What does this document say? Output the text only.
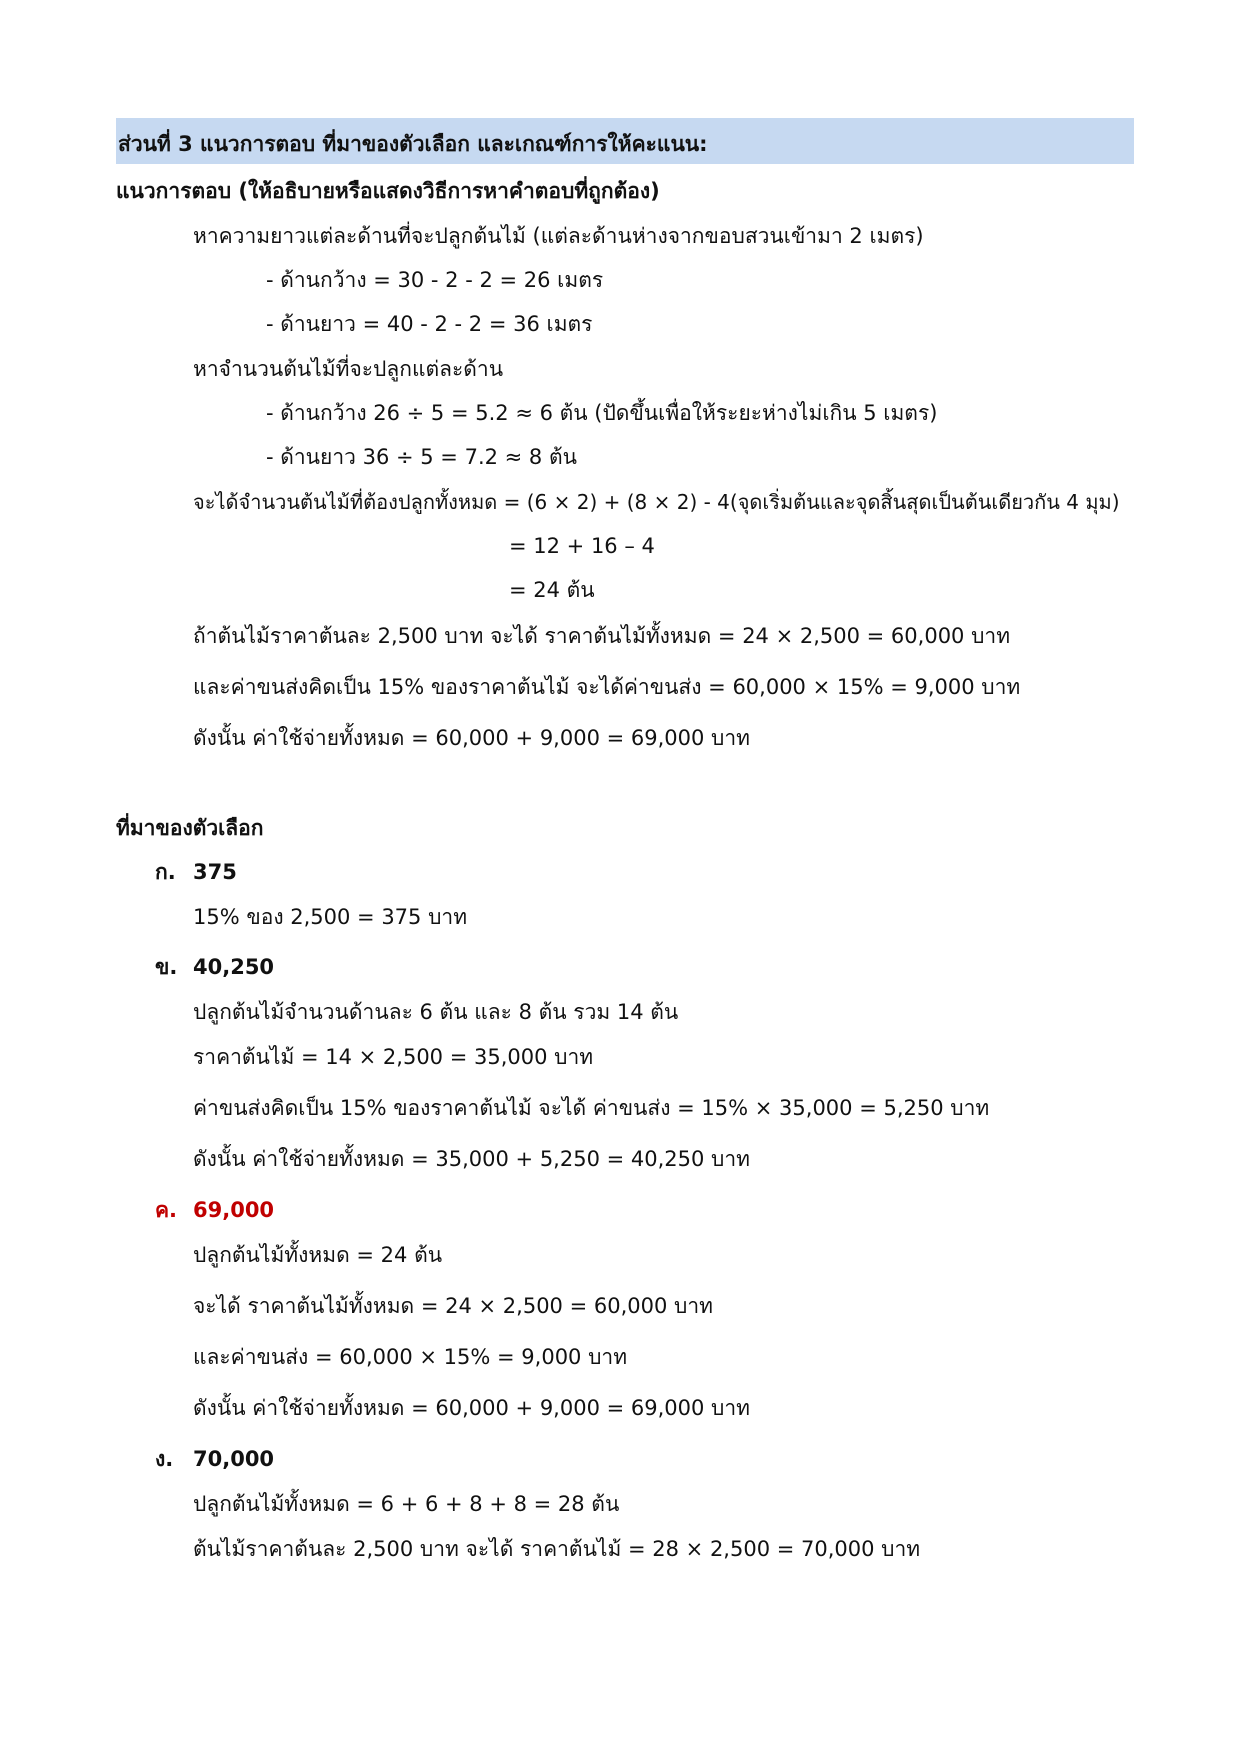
ส่วนที่ 3 แนวการตอบ ที่มาของตัวเลือก และเกณฑ์การให้คะแนน:
แนวการตอบ (ให้อธิบายหรือแสดงวิธีการหาคำตอบที่ถูกต้อง)
หาความยาวแต่ละด้านที่จะปลูกต้นไม้ (แต่ละด้านห่างจากขอบสวนเข้ามา 2 เมตร)
- ด้านกว้าง = 30 - 2 - 2 = 26 เมตร
- ด้านยาว = 40 - 2 - 2 = 36 เมตร
หาจำนวนต้นไม้ที่จะปลูกแต่ละด้าน
- ด้านกว้าง 26 ÷ 5 = 5.2 ≈ 6 ต้น (ปัดขึ้นเพื่อให้ระยะห่างไม่เกิน 5 เมตร)
- ด้านยาว 36 ÷ 5 = 7.2 ≈ 8 ต้น
จะได้จำนวนต้นไม้ที่ต้องปลูกทั้งหมด = (6 × 2) + (8 × 2) - 4(จุดเริ่มต้นและจุดสิ้นสุดเป็นต้นเดียวกัน 4 มุม)
= 12 + 16 – 4
= 24 ต้น
ถ้าต้นไม้ราคาต้นละ 2,500 บาท จะได้ ราคาต้นไม้ทั้งหมด = 24 × 2,500 = 60,000 บาท
และค่าขนส่งคิดเป็น 15% ของราคาต้นไม้ จะได้ค่าขนส่ง = 60,000 × 15% = 9,000 บาท
ดังนั้น ค่าใช้จ่ายทั้งหมด = 60,000 + 9,000 = 69,000 บาท
ที่มาของตัวเลือก
ก. 375
15% ของ 2,500 = 375 บาท
ข. 40,250
ปลูกต้นไม้จำนวนด้านละ 6 ต้น และ 8 ต้น รวม 14 ต้น
ราคาต้นไม้ = 14 × 2,500 = 35,000 บาท
ค่าขนส่งคิดเป็น 15% ของราคาต้นไม้ จะได้ ค่าขนส่ง = 15% × 35,000 = 5,250 บาท
ดังนั้น ค่าใช้จ่ายทั้งหมด = 35,000 + 5,250 = 40,250 บาท
ค. 69,000
ปลูกต้นไม้ทั้งหมด = 24 ต้น
จะได้ ราคาต้นไม้ทั้งหมด = 24 × 2,500 = 60,000 บาท
และค่าขนส่ง = 60,000 × 15% = 9,000 บาท
ดังนั้น ค่าใช้จ่ายทั้งหมด = 60,000 + 9,000 = 69,000 บาท
ง. 70,000
ปลูกต้นไม้ทั้งหมด = 6 + 6 + 8 + 8 = 28 ต้น
ต้นไม้ราคาต้นละ 2,500 บาท จะได้ ราคาต้นไม้ = 28 × 2,500 = 70,000 บาท
